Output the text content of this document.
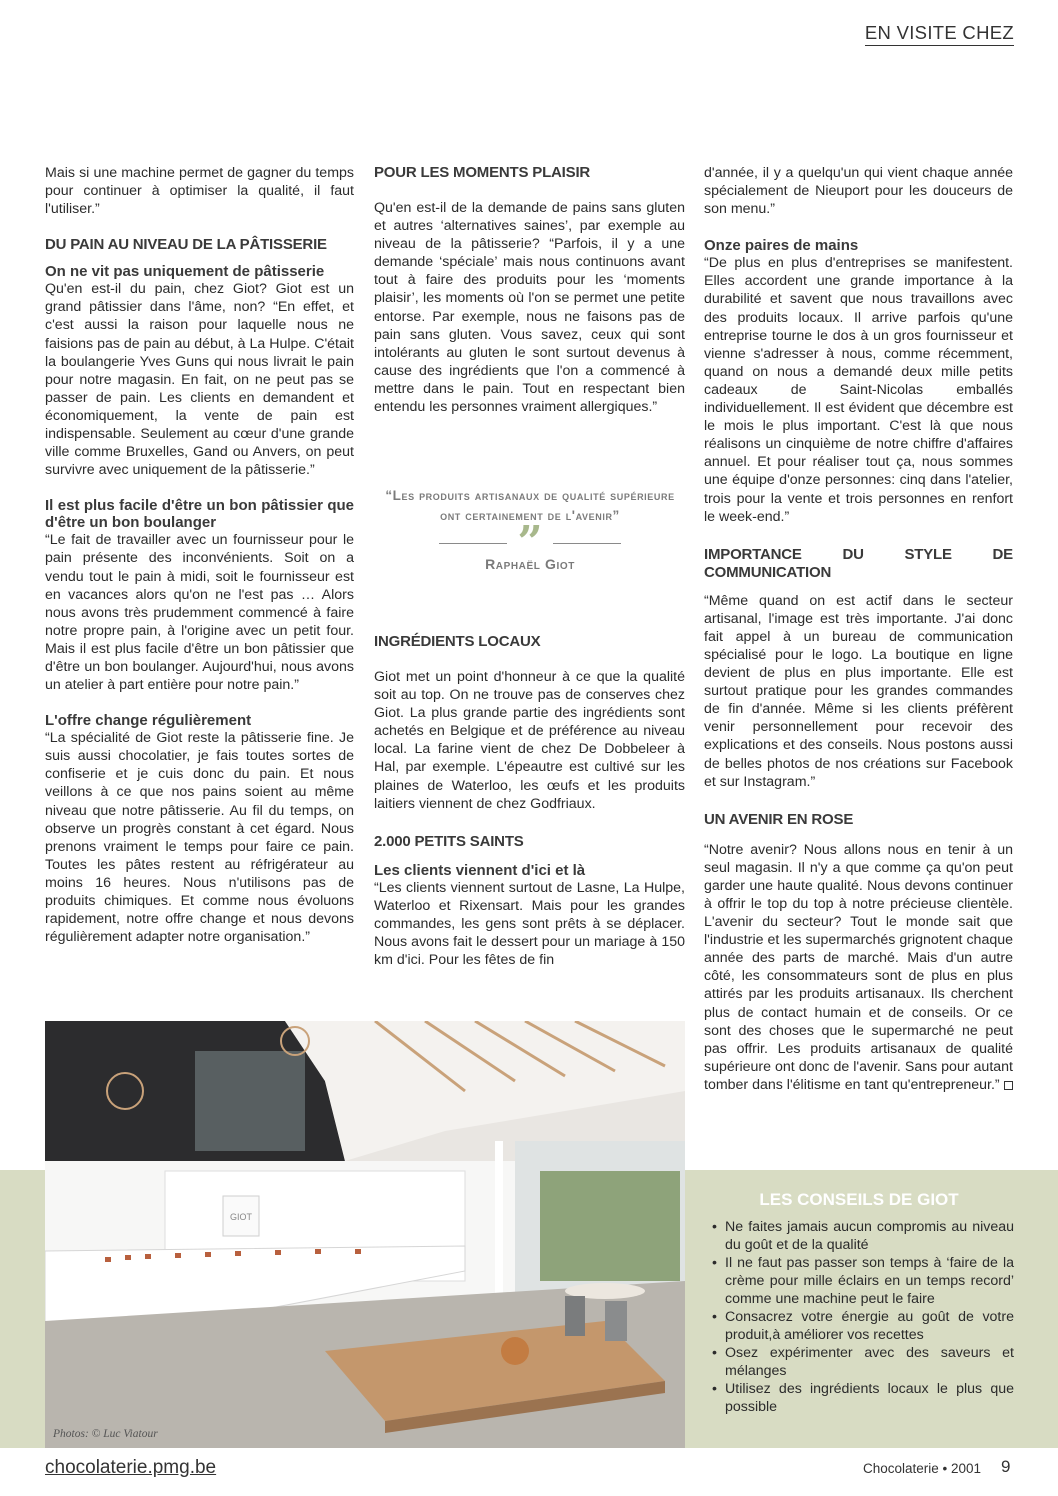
EN VISITE CHEZ

Mais si une machine permet de gagner du temps pour continuer à optimiser la qualité, il faut l'utiliser.”

DU PAIN AU NIVEAU DE LA PÂTISSERIE
On ne vit pas uniquement de pâtisserie

Qu'en est-il du pain, chez Giot? Giot est un grand pâtissier dans l'âme, non? “En effet, et c'est aussi la raison pour laquelle nous ne faisions pas de pain au début, à La Hulpe. C'était la boulangerie Yves Guns qui nous livrait le pain pour notre magasin. En fait, on ne peut pas se passer de pain. Les clients en demandent et économiquement, la vente de pain est indispensable. Seulement au cœur d'une grande ville comme Bruxelles, Gand ou Anvers, on peut survivre avec uniquement de la pâtisserie.”

Il est plus facile d'être un bon pâtissier que d'être un bon boulanger

“Le fait de travailler avec un fournisseur pour le pain présente des inconvénients. Soit on a vendu tout le pain à midi, soit le fournisseur est en vacances alors qu'on ne l'est pas … Alors nous avons très prudemment commencé à faire notre propre pain, à l'origine avec un petit four. Mais il est plus facile d'être un bon pâtissier que d'être un bon boulanger. Aujourd'hui, nous avons un atelier à part entière pour notre pain.”

L'offre change régulièrement

“La spécialité de Giot reste la pâtisserie fine. Je suis aussi chocolatier, je fais toutes sortes de confiserie et je cuis donc du pain. Et nous veillons à ce que nos pains soient au même niveau que notre pâtisserie. Au fil du temps, on observe un progrès constant à cet égard. Nous prenons vraiment le temps pour faire ce pain. Toutes les pâtes restent au réfrigérateur au moins 16 heures. Nous n'utilisons pas de produits chimiques. Et comme nous évoluons rapidement, notre offre change et nous devons régulièrement adapter notre organisation.”

POUR LES MOMENTS PLAISIR

Qu'en est-il de la demande de pains sans gluten et autres ‘alternatives saines’, par exemple au niveau de la pâtisserie? “Parfois, il y a une demande ‘spéciale’ mais nous continuons avant tout à faire des produits pour les ‘moments plaisir’, les moments où l'on se permet une petite entorse. Par exemple, nous ne faisons pas de pain sans gluten. Vous savez, ceux qui sont intolérants au gluten le sont surtout devenus à cause des ingrédients que l'on a commencé à mettre dans le pain. Tout en respectant bien entendu les personnes vraiment allergiques.”

“Les produits artisanaux de qualité supérieure ont certainement de l'avenir”
”
Raphaël Giot
INGRÉDIENTS LOCAUX

Giot met un point d'honneur à ce que la qualité soit au top. On ne trouve pas de conserves chez Giot. La plus grande partie des ingrédients sont achetés en Belgique et de préférence au niveau local. La farine vient de chez De Dobbeleer à Hal, par exemple. L'épeautre est cultivé sur les plaines de Waterloo, les œufs et les produits laitiers viennent de chez Godfriaux.

2.000 PETITS SAINTS
Les clients viennent d'ici et là

“Les clients viennent surtout de Lasne, La Hulpe, Waterloo et Rixensart. Mais pour les grandes commandes, les gens sont prêts à se déplacer. Nous avons fait le dessert pour un mariage à 150 km d'ici. Pour les fêtes de fin

d'année, il y a quelqu'un qui vient chaque année spécialement de Nieuport pour les douceurs de son menu.”

Onze paires de mains

“De plus en plus d'entreprises se manifestent. Elles accordent une grande importance à la durabilité et savent que nous travaillons avec des produits locaux. Il arrive parfois qu'une entreprise tourne le dos à un gros fournisseur et vienne s'adresser à nous, comme récemment, quand on nous a demandé deux mille petits cadeaux de Saint-Nicolas emballés individuellement. Il est évident que décembre est le mois le plus important. C'est là que nous réalisons un cinquième de notre chiffre d'affaires annuel. Et pour réaliser tout ça, nous sommes une équipe d'onze personnes: cinq dans l'atelier, trois pour la vente et trois personnes en renfort le week-end.”

IMPORTANCE DU STYLE DE COMMUNICATION

“Même quand on est actif dans le secteur artisanal, l'image est très importante. J'ai donc fait appel à un bureau de communication spécialisé pour le logo. La boutique en ligne devient de plus en plus importante. Elle est surtout pratique pour les grandes commandes de fin d'année. Même si les clients préfèrent venir personnellement pour recevoir des explications et des conseils. Nous postons aussi de belles photos de nos créations sur Facebook et sur Instagram.”

UN AVENIR EN ROSE

“Notre avenir? Nous allons nous en tenir à un seul magasin. Il n'y a que comme ça qu'on peut garder une haute qualité. Nous devons continuer à offrir le top du top à notre précieuse clientèle. L'avenir du secteur? Tout le monde sait que l'industrie et les supermarchés grignotent chaque année des parts de marché. Mais d'un autre côté, les consommateurs sont de plus en plus attirés par les produits artisanaux. Ils cherchent plus de contact humain et de conseils. Or ce sont des choses que le supermarché ne peut pas offrir. Les produits artisanaux de qualité supérieure ont donc de l'avenir. Sans pour autant tomber dans l'élitisme en tant qu'entrepreneur.”

GIOT
Photos: © Luc Viatour
LES CONSEILS DE GIOT
• Ne faites jamais aucun compromis au niveau du goût et de la qualité
• Il ne faut pas passer son temps à ‘faire de la crème pour mille éclairs en un temps record’ comme une machine peut le faire
• Consacrez votre énergie au goût de votre produit,à améliorer vos recettes
• Osez expérimenter avec des saveurs et mélanges
• Utilisez des ingrédients locaux le plus que possible
chocolaterie.pmg.be	Chocolaterie • 2001 9
